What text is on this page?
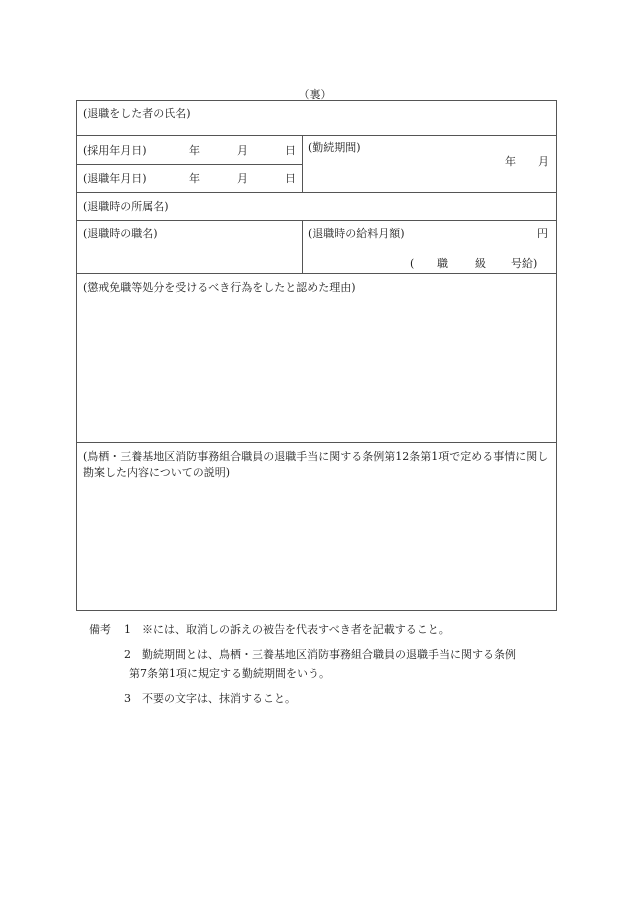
（裏）
(退職をした者の氏名)
(採用年月日)	年	月	日
(退職年月日)	年	月	日
(勤続期間)
年　　月
(退職時の所属名)
(退職時の職名)	(退職時の給料月額)	円
( 職 級 号給)
(懲戒免職等処分を受けるべき行為をしたと認めた理由)
(鳥栖・三養基地区消防事務組合職員の退職手当に関する条例第12条第1項で定める事情に関し勘案した内容についての説明)
備考 1 ※には、取消しの訴えの被告を代表すべき者を記載すること。
2 勤続期間とは、鳥栖・三養基地区消防事務組合職員の退職手当に関する条例
第7条第1項に規定する勤続期間をいう。
3 不要の文字は、抹消すること。
